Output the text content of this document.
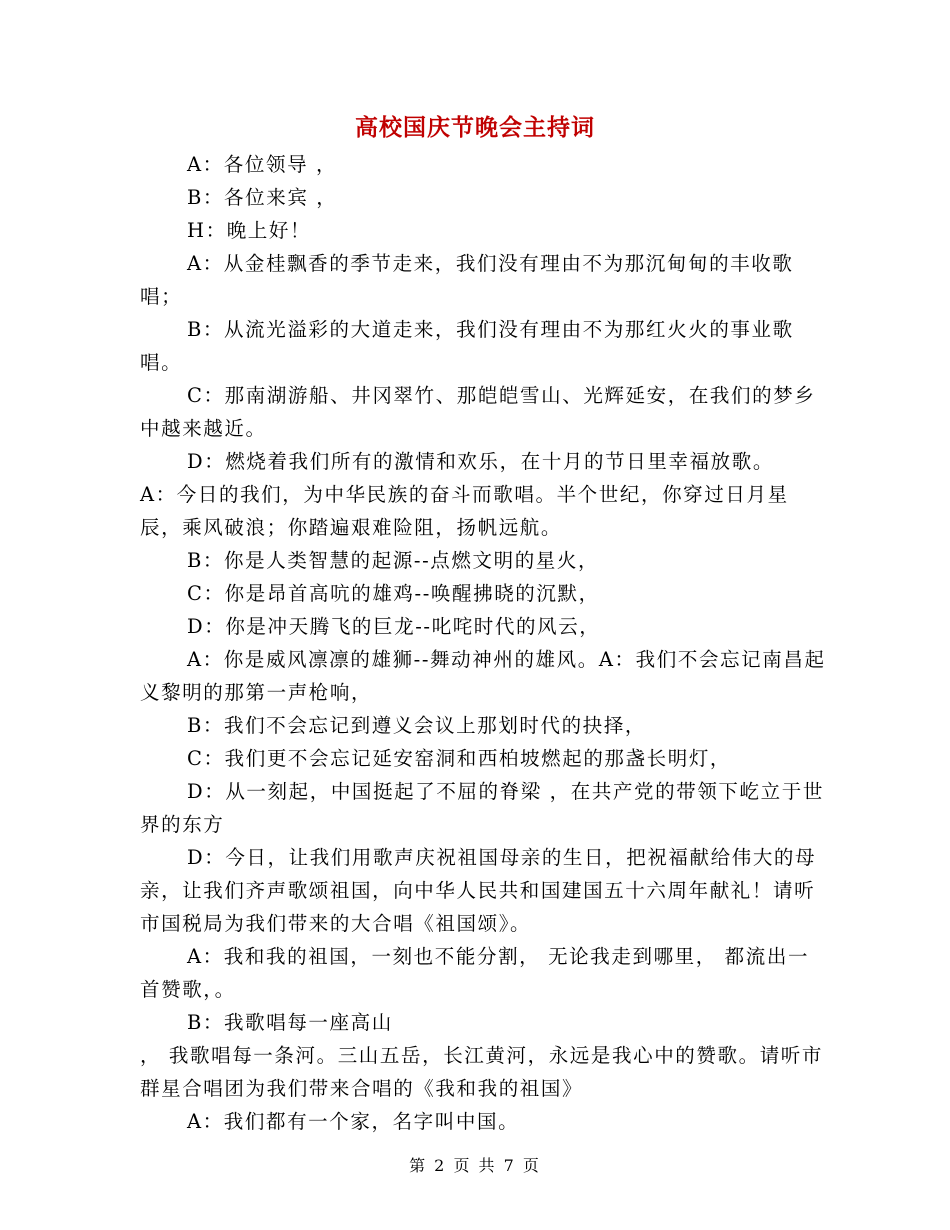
高校国庆节晚会主持词

A：各位领导 ，

B：各位来宾 ，

H：晚上好！

A：从金桂飘香的季节走来，我们没有理由不为那沉甸甸的丰收歌唱；

B：从流光溢彩的大道走来，我们没有理由不为那红火火的事业歌唱。

C：那南湖游船、井冈翠竹、那皑皑雪山、光辉延安，在我们的梦乡中越来越近。

D：燃烧着我们所有的激情和欢乐，在十月的节日里幸福放歌。

A：今日的我们，为中华民族的奋斗而歌唱。半个世纪，你穿过日月星辰，乘风破浪；你踏遍艰难险阻，扬帆远航。

B：你是人类智慧的起源--点燃文明的星火，

C：你是昂首高吭的雄鸡--唤醒拂晓的沉默，

D：你是冲天腾飞的巨龙--叱咤时代的风云，

A：你是威风凛凛的雄狮--舞动神州的雄风。A：我们不会忘记南昌起义黎明的那第一声枪响，

B：我们不会忘记到遵义会议上那划时代的抉择，

C：我们更不会忘记延安窑洞和西柏坡燃起的那盏长明灯，

D：从一刻起，中国挺起了不屈的脊梁 ，在共产党的带领下屹立于世界的东方

D：今日，让我们用歌声庆祝祖国母亲的生日，把祝福献给伟大的母亲，让我们齐声歌颂祖国，向中华人民共和国建国五十六周年献礼！请听市国税局为我们带来的大合唱《祖国颂》。

A：我和我的祖国，一刻也不能分割， 无论我走到哪里， 都流出一首赞歌，。

B：我歌唱每一座高山

， 我歌唱每一条河。三山五岳，长江黄河，永远是我心中的赞歌。请听市群星合唱团为我们带来合唱的《我和我的祖国》

A：我们都有一个家，名字叫中国。

第 2 页 共 7 页
